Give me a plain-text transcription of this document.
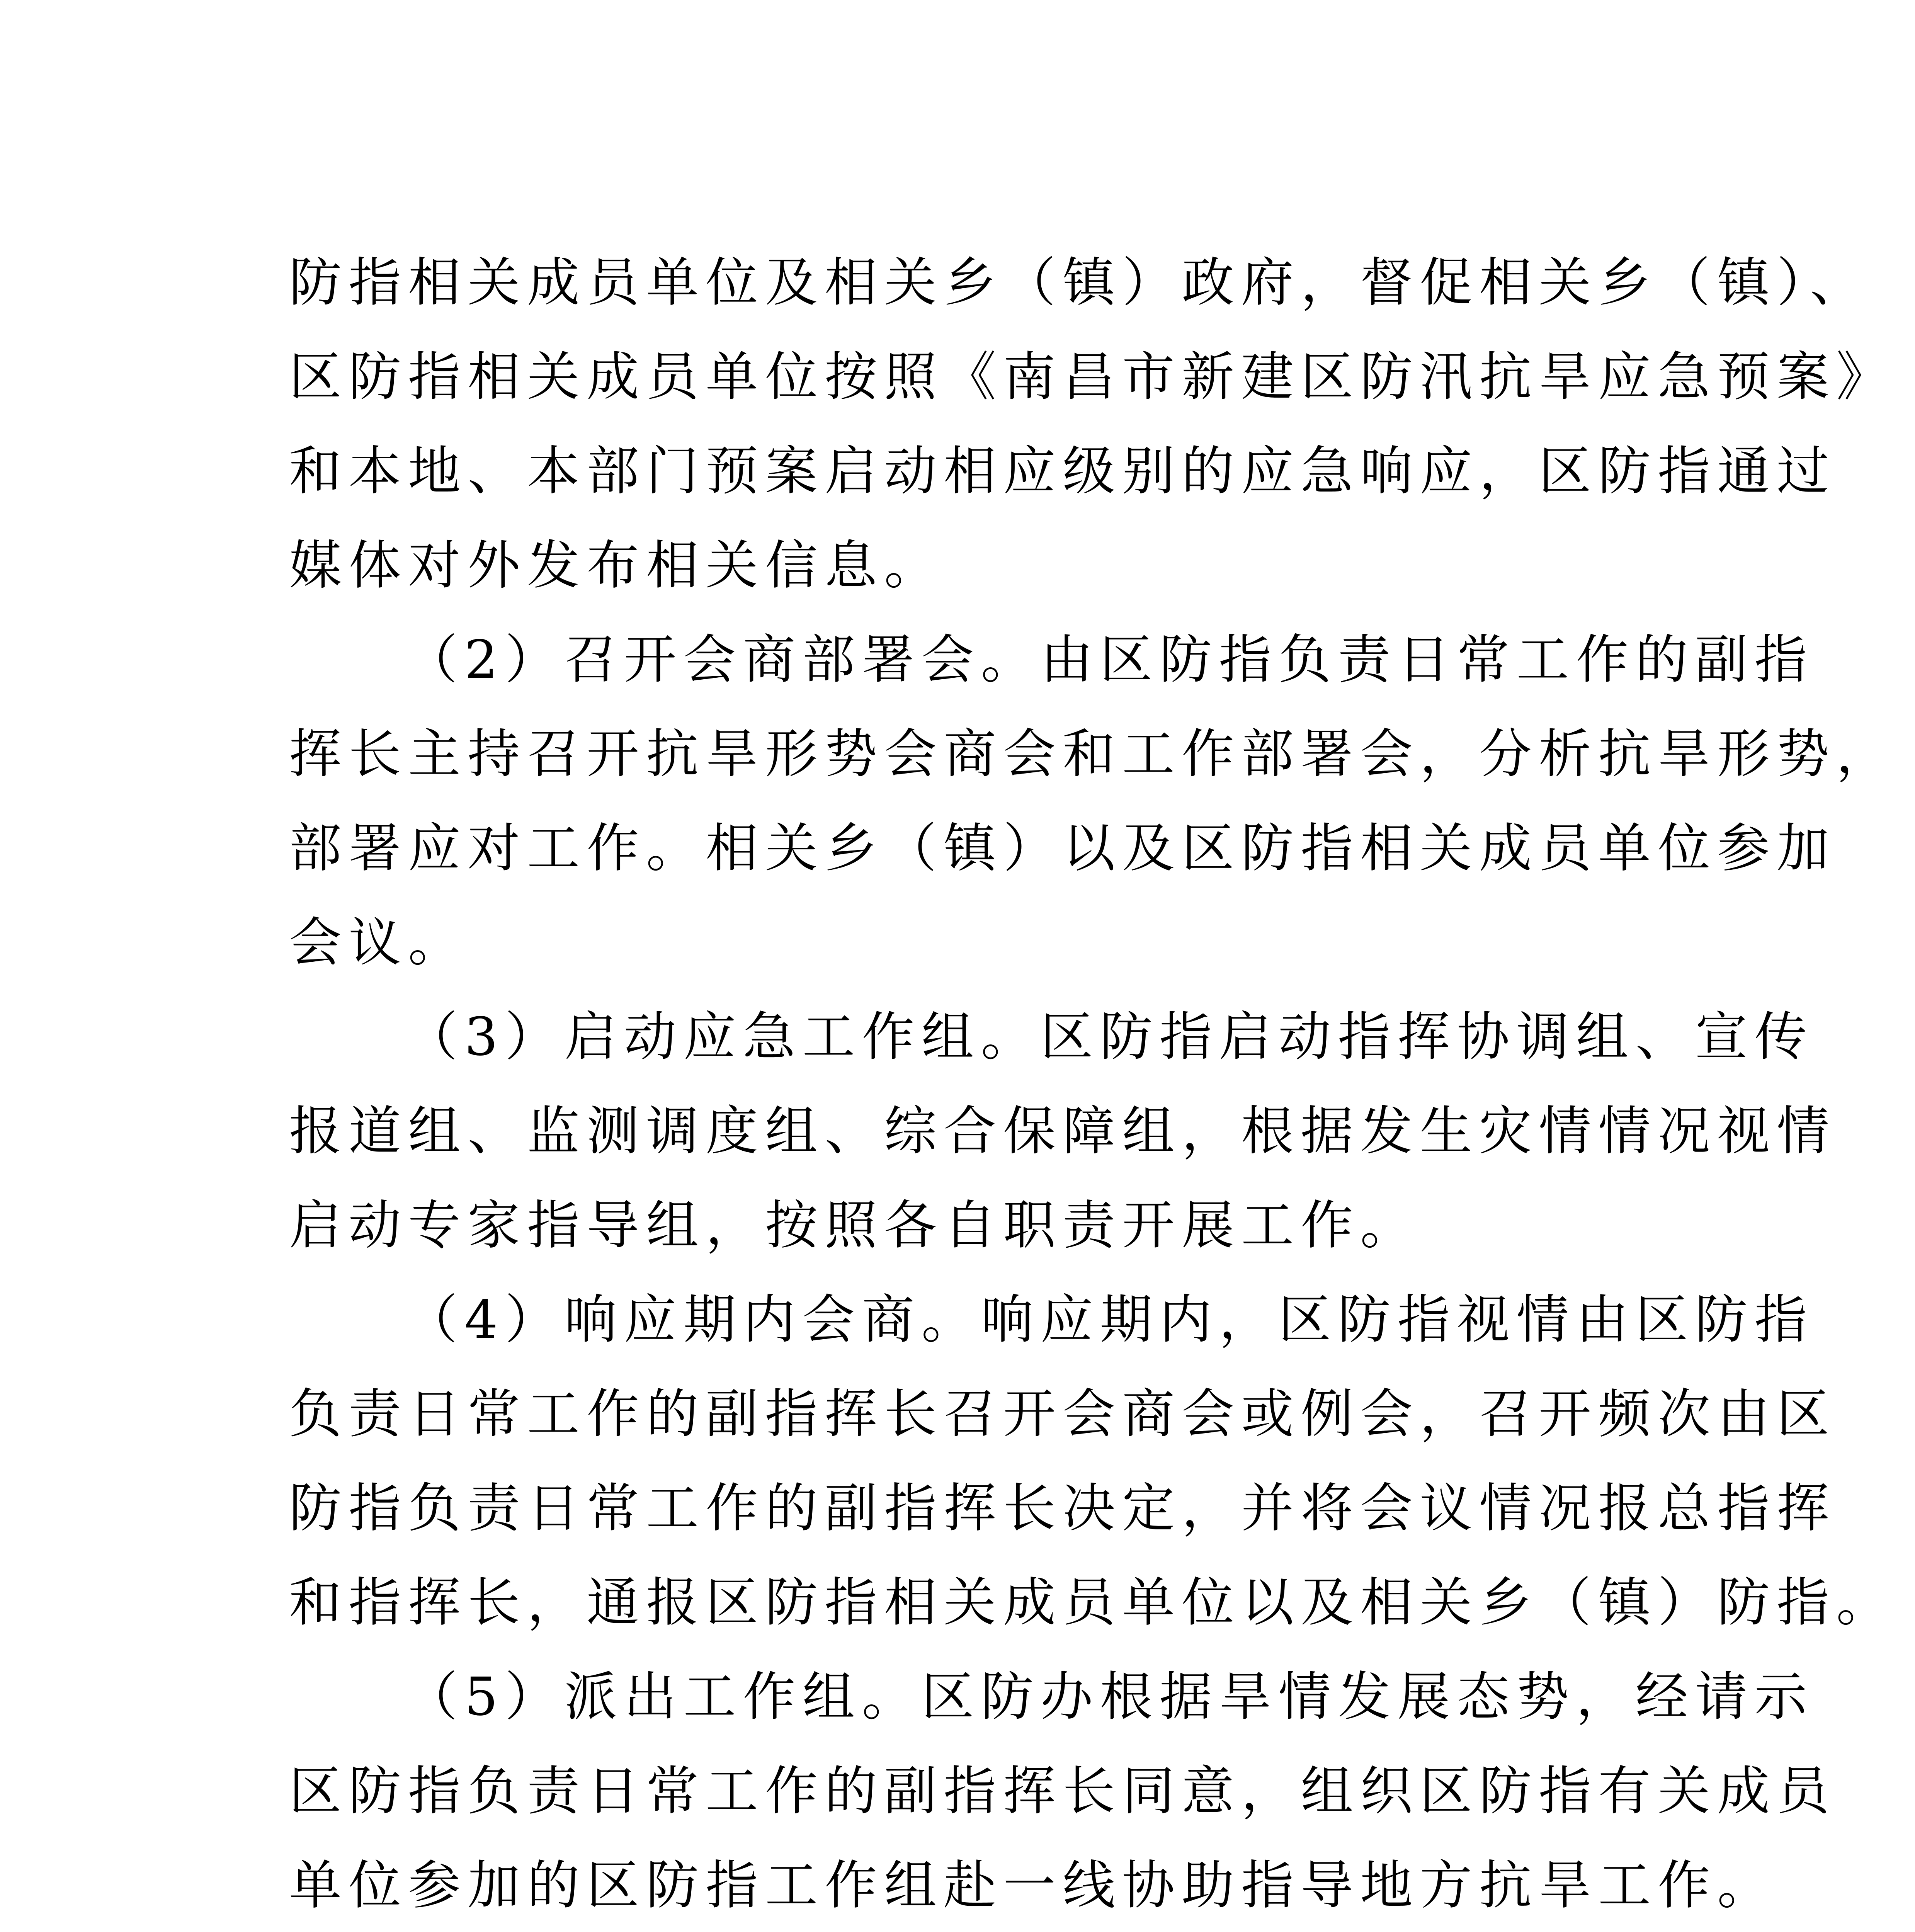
防指相关成员单位及相关乡（镇）政府，督促相关乡（镇）、
区防指相关成员单位按照《南昌市新建区防汛抗旱应急预案》
和本地、本部门预案启动相应级别的应急响应，区防指通过
媒体对外发布相关信息。
（2）召开会商部署会。由区防指负责日常工作的副指
挥长主持召开抗旱形势会商会和工作部署会，分析抗旱形势，
部署应对工作。相关乡（镇）以及区防指相关成员单位参加
会议。
（3）启动应急工作组。区防指启动指挥协调组、宣传
报道组、监测调度组、综合保障组，根据发生灾情情况视情
启动专家指导组，按照各自职责开展工作。
（4）响应期内会商。响应期内，区防指视情由区防指
负责日常工作的副指挥长召开会商会或例会，召开频次由区
防指负责日常工作的副指挥长决定，并将会议情况报总指挥
和指挥长，通报区防指相关成员单位以及相关乡（镇）防指。
（5）派出工作组。区防办根据旱情发展态势，经请示
区防指负责日常工作的副指挥长同意，组织区防指有关成员
单位参加的区防指工作组赴一线协助指导地方抗旱工作。
